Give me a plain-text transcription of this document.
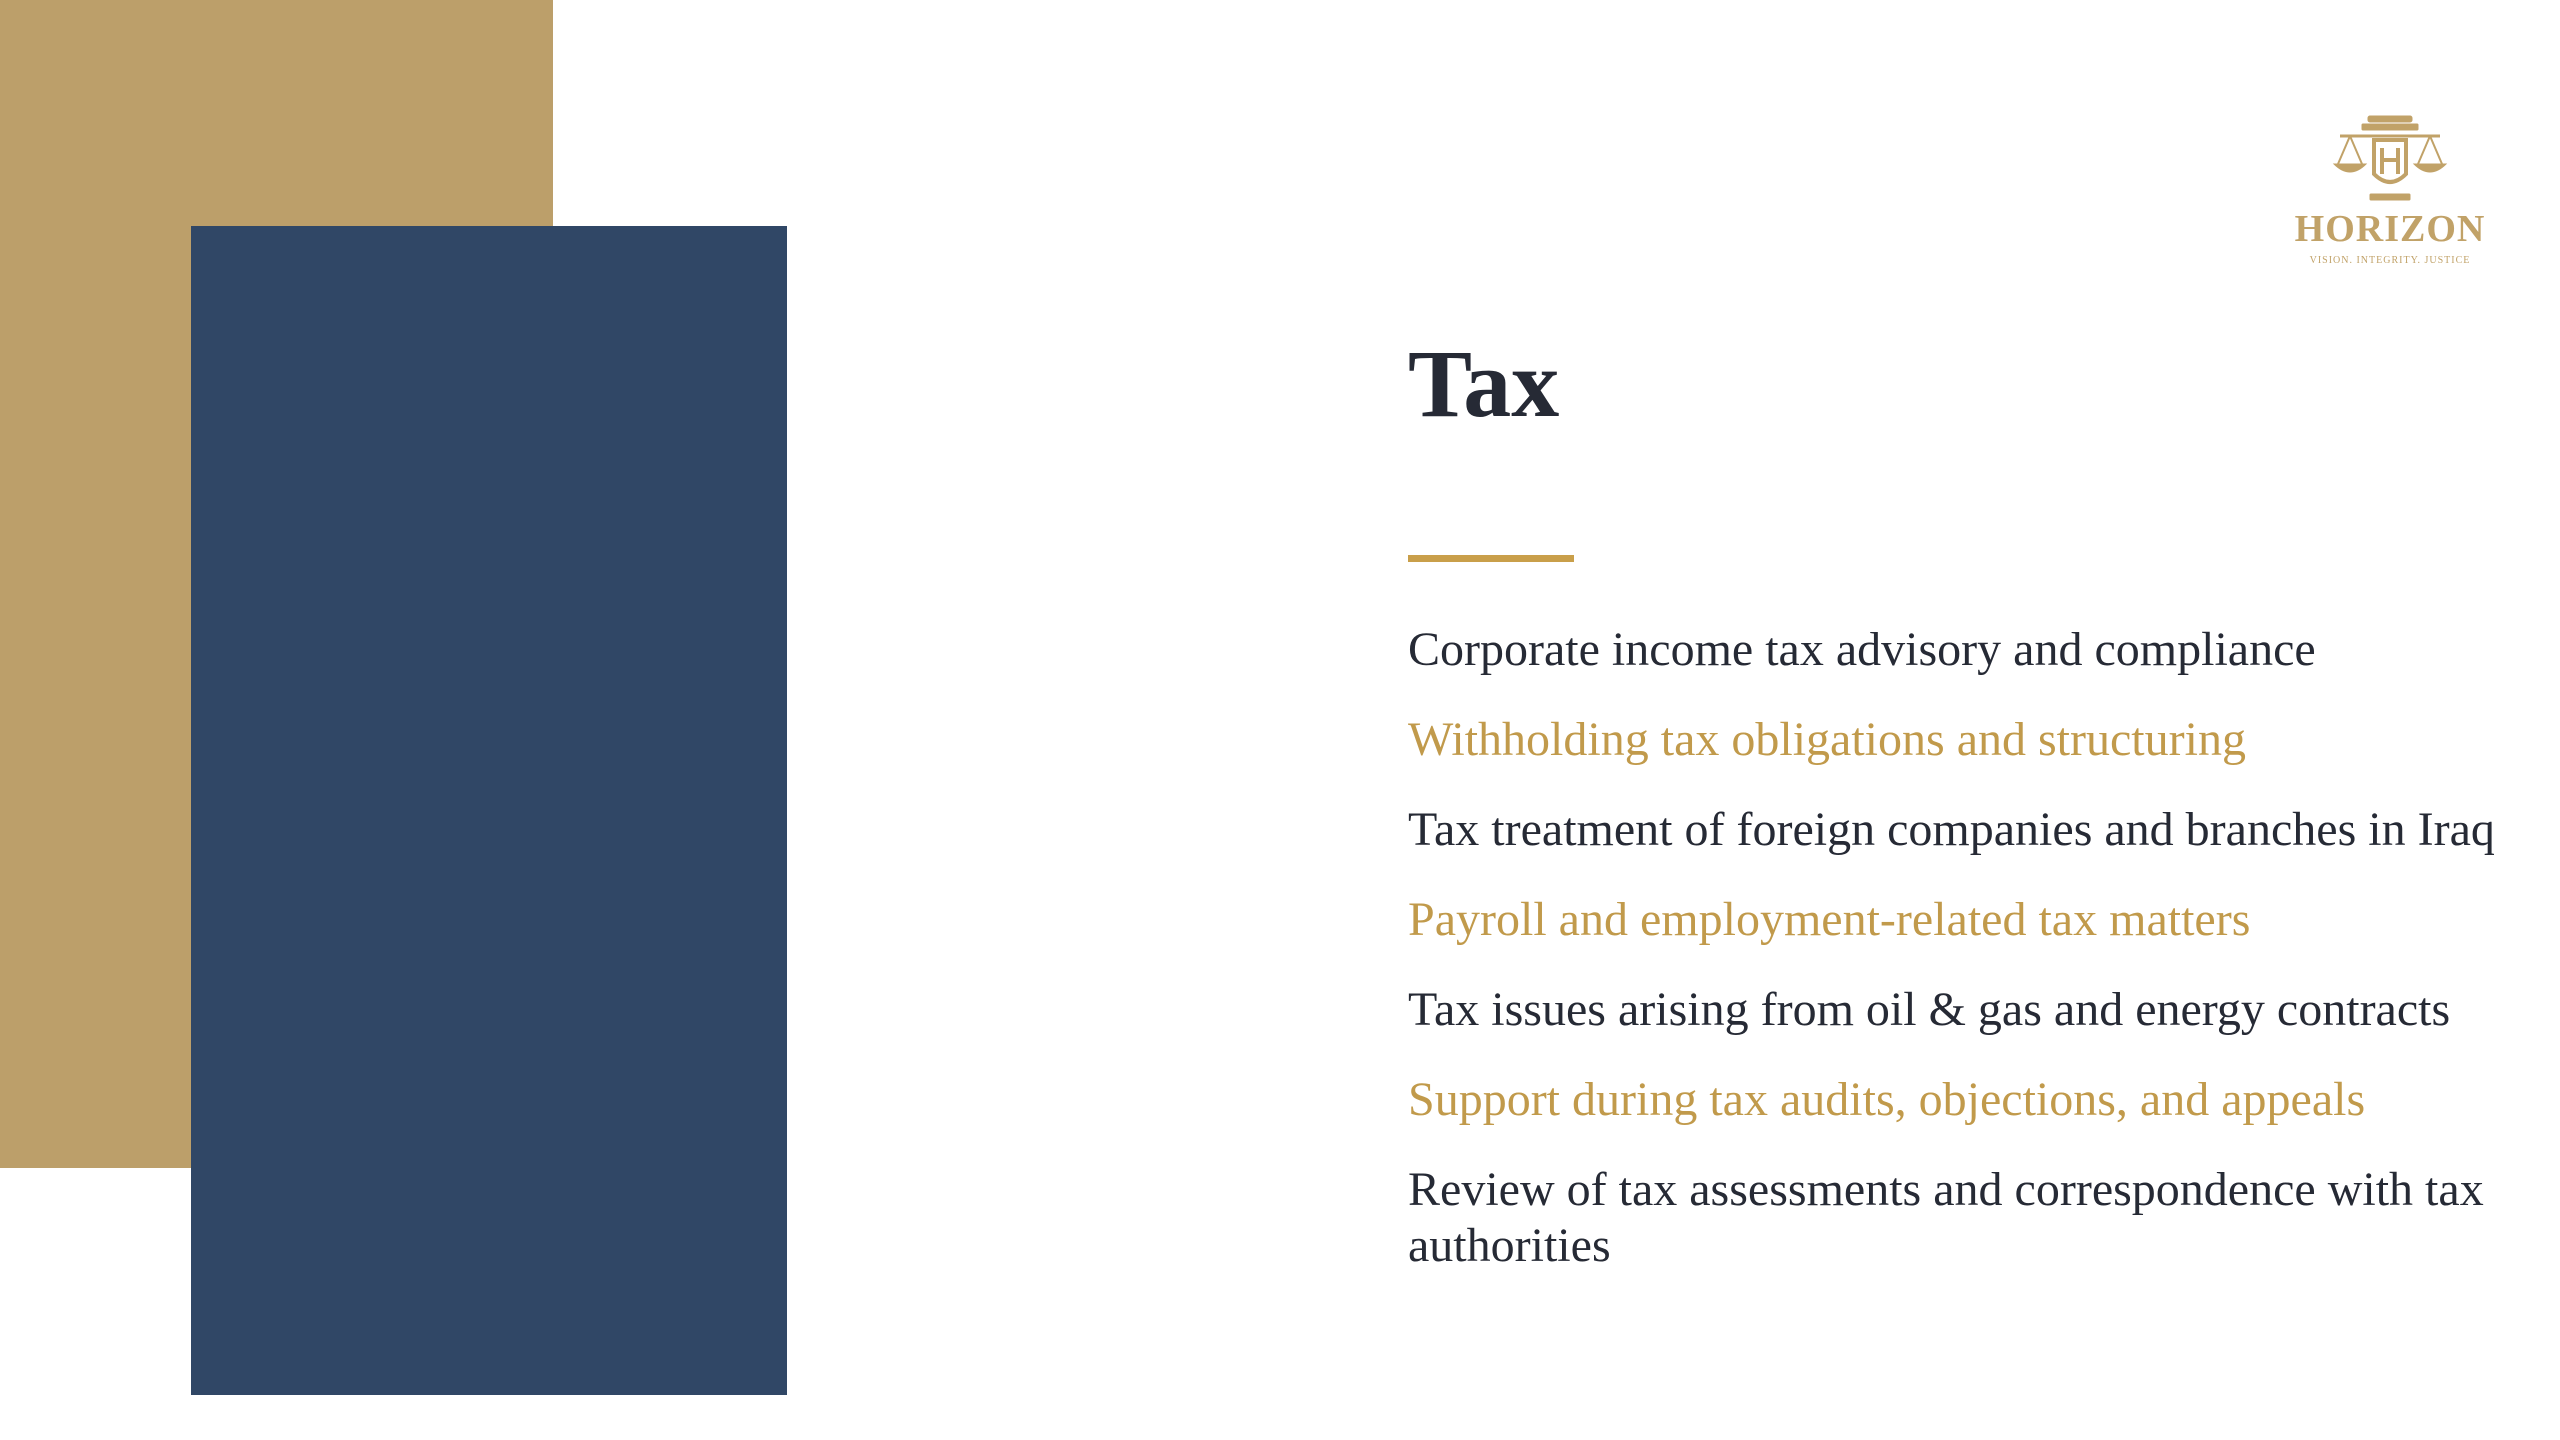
HORIZON
VISION. INTEGRITY. JUSTICE
Tax
Corporate income tax advisory and compliance
Withholding tax obligations and structuring
Tax treatment of foreign companies and branches in Iraq
Payroll and employment-related tax matters
Tax issues arising from oil & gas and energy contracts
Support during tax audits, objections, and appeals
Review of tax assessments and correspondence with tax authorities
